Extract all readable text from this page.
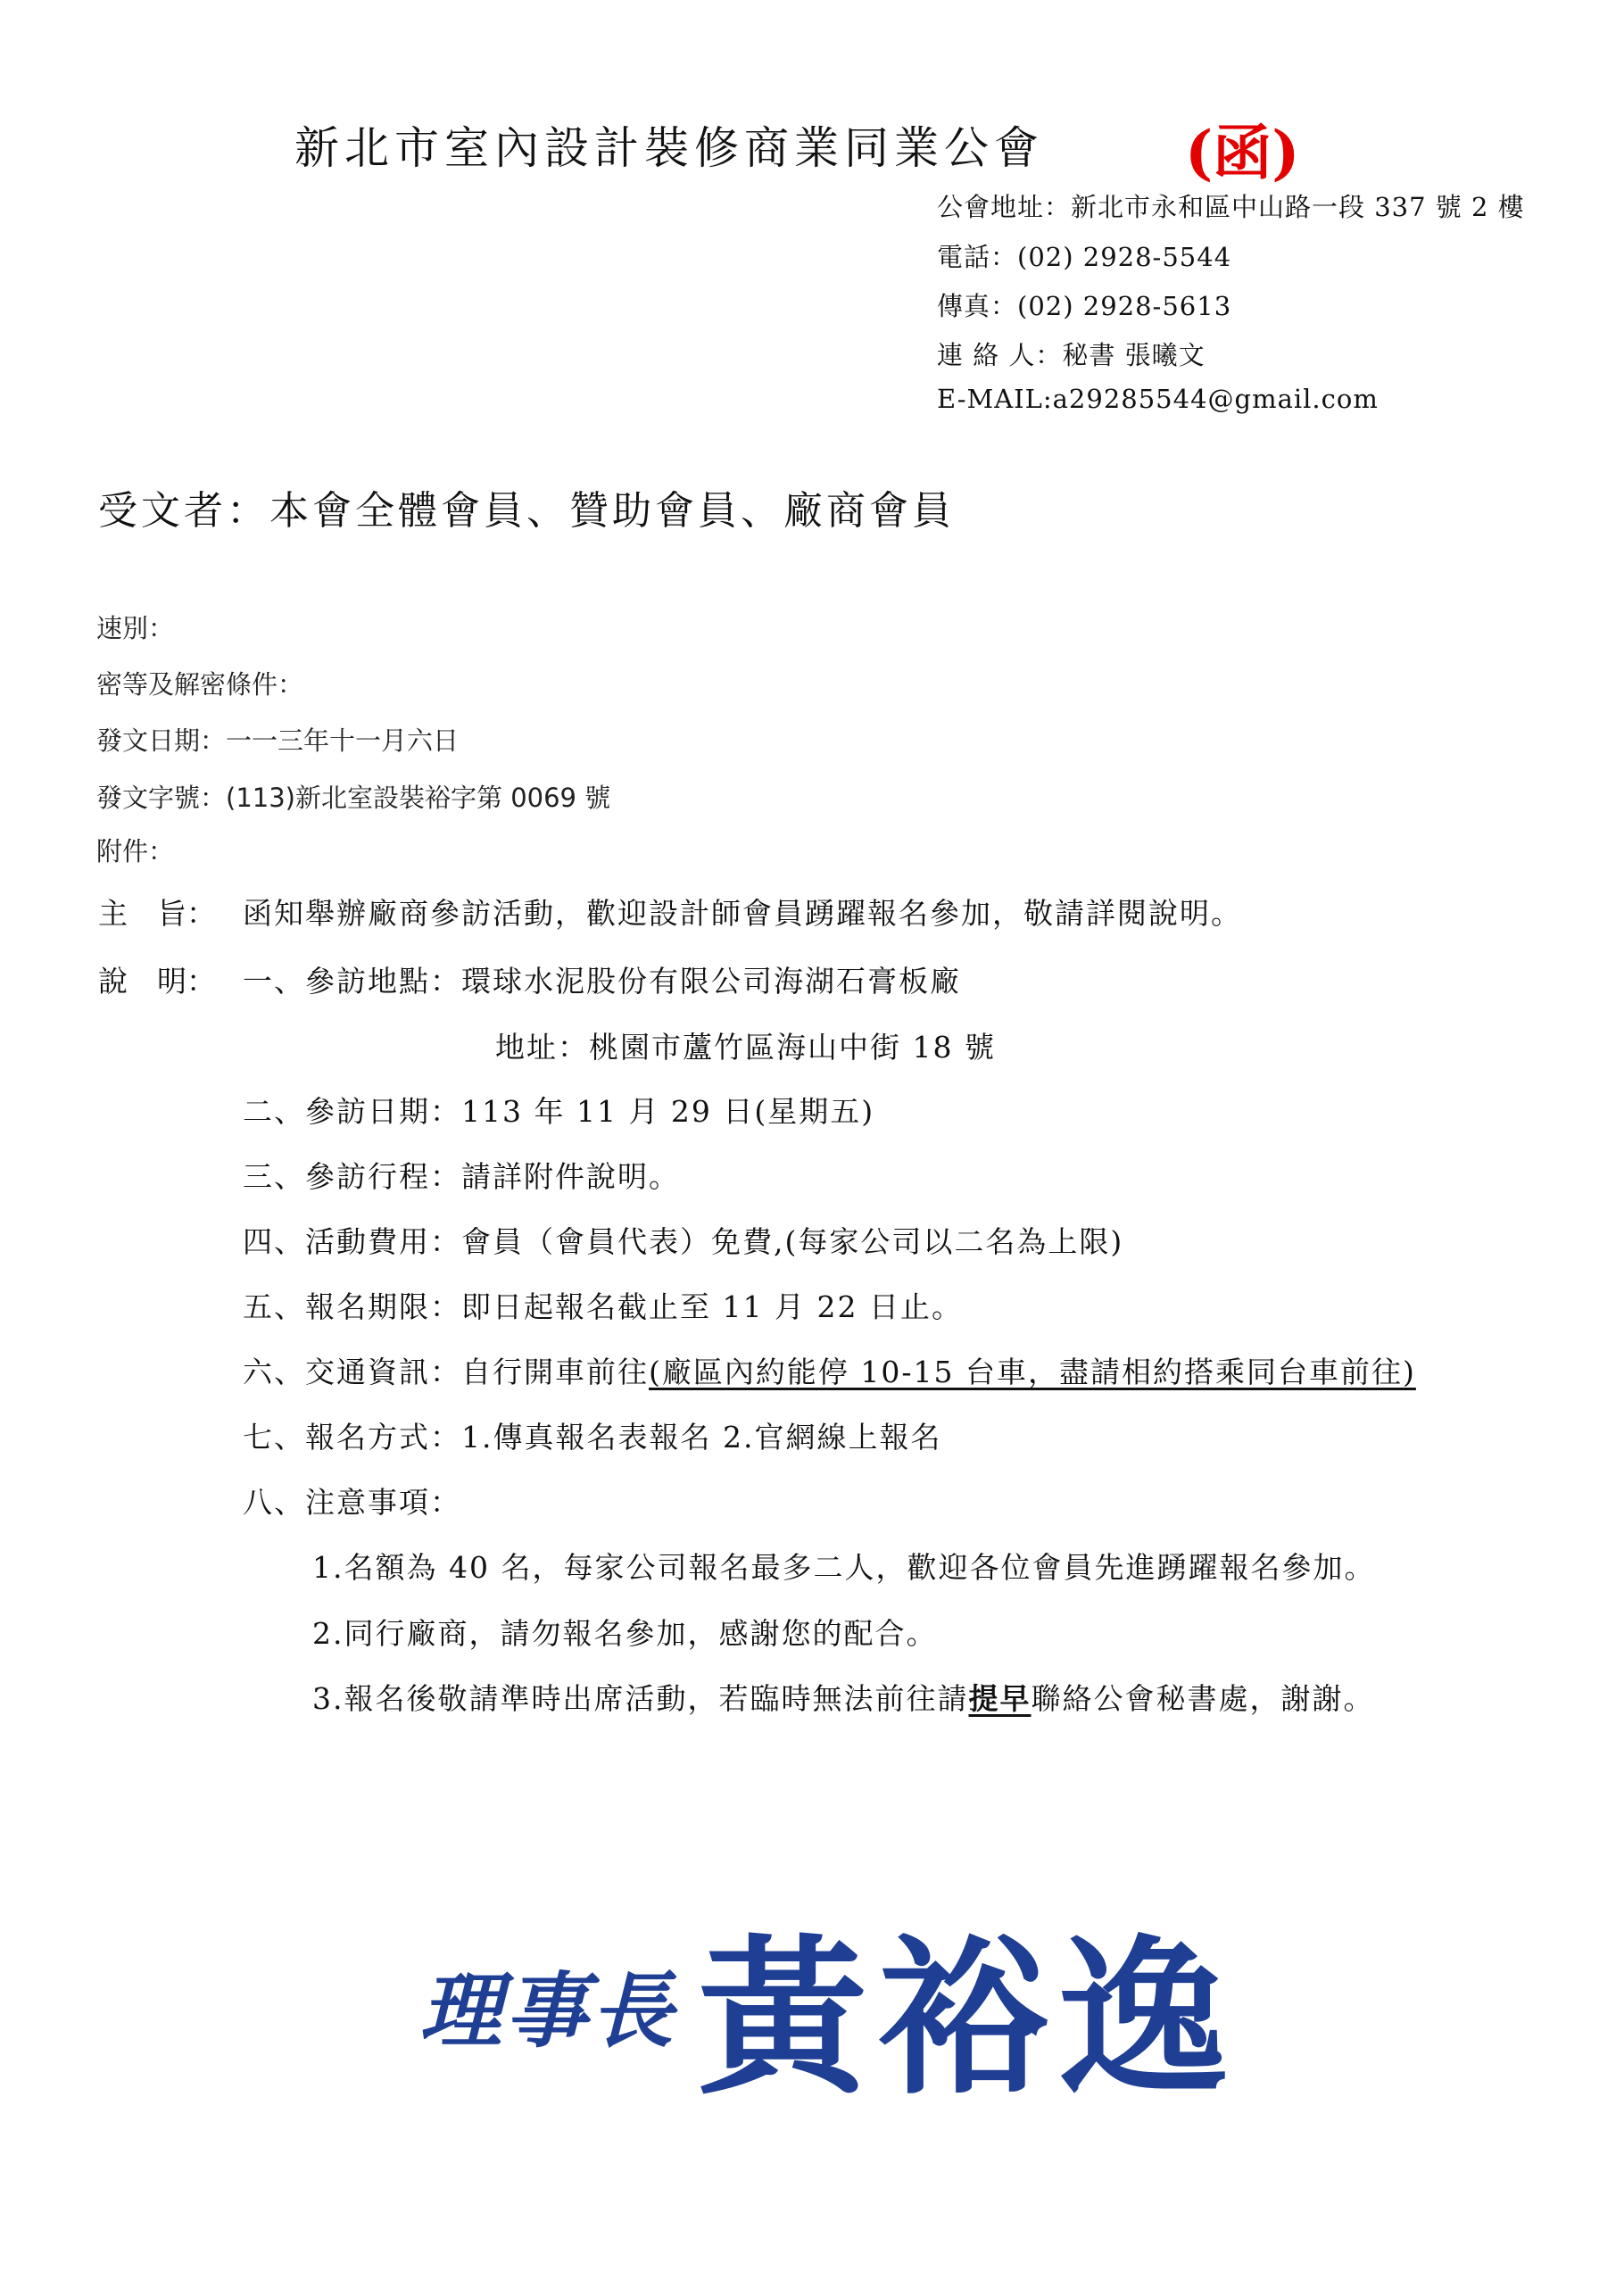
新北市室內設計裝修商業同業公會 (函)
公會地址：新北市永和區中山路一段 337 號 2 樓
電話：(02) 2928-5544
傳真：(02) 2928-5613
連 絡 人：秘書 張曦文
E-MAIL:a29285544@gmail.com
受文者：本會全體會員、贊助會員、廠商會員
速別：
密等及解密條件：
發文日期：一一三年十一月六日
發文字號：(113)新北室設裝裕字第 0069 號
附件：
主　旨： 函知舉辦廠商參訪活動，歡迎設計師會員踴躍報名參加，敬請詳閱說明。
說　明： 一、參訪地點：環球水泥股份有限公司海湖石膏板廠
地址：桃園市蘆竹區海山中街 18 號
二、參訪日期：113 年 11 月 29 日(星期五)
三、參訪行程：請詳附件說明。
四、活動費用：會員（會員代表）免費,(每家公司以二名為上限)
五、報名期限：即日起報名截止至 11 月 22 日止。
六、交通資訊：自行開車前往(廠區內約能停 10-15 台車，盡請相約搭乘同台車前往)
七、報名方式：1.傳真報名表報名 2.官網線上報名
八、注意事項：
1.名額為 40 名，每家公司報名最多二人，歡迎各位會員先進踴躍報名參加。
2.同行廠商，請勿報名參加，感謝您的配合。
3.報名後敬請準時出席活動，若臨時無法前往請提早聯絡公會秘書處，謝謝。
理事長 黃裕逸
